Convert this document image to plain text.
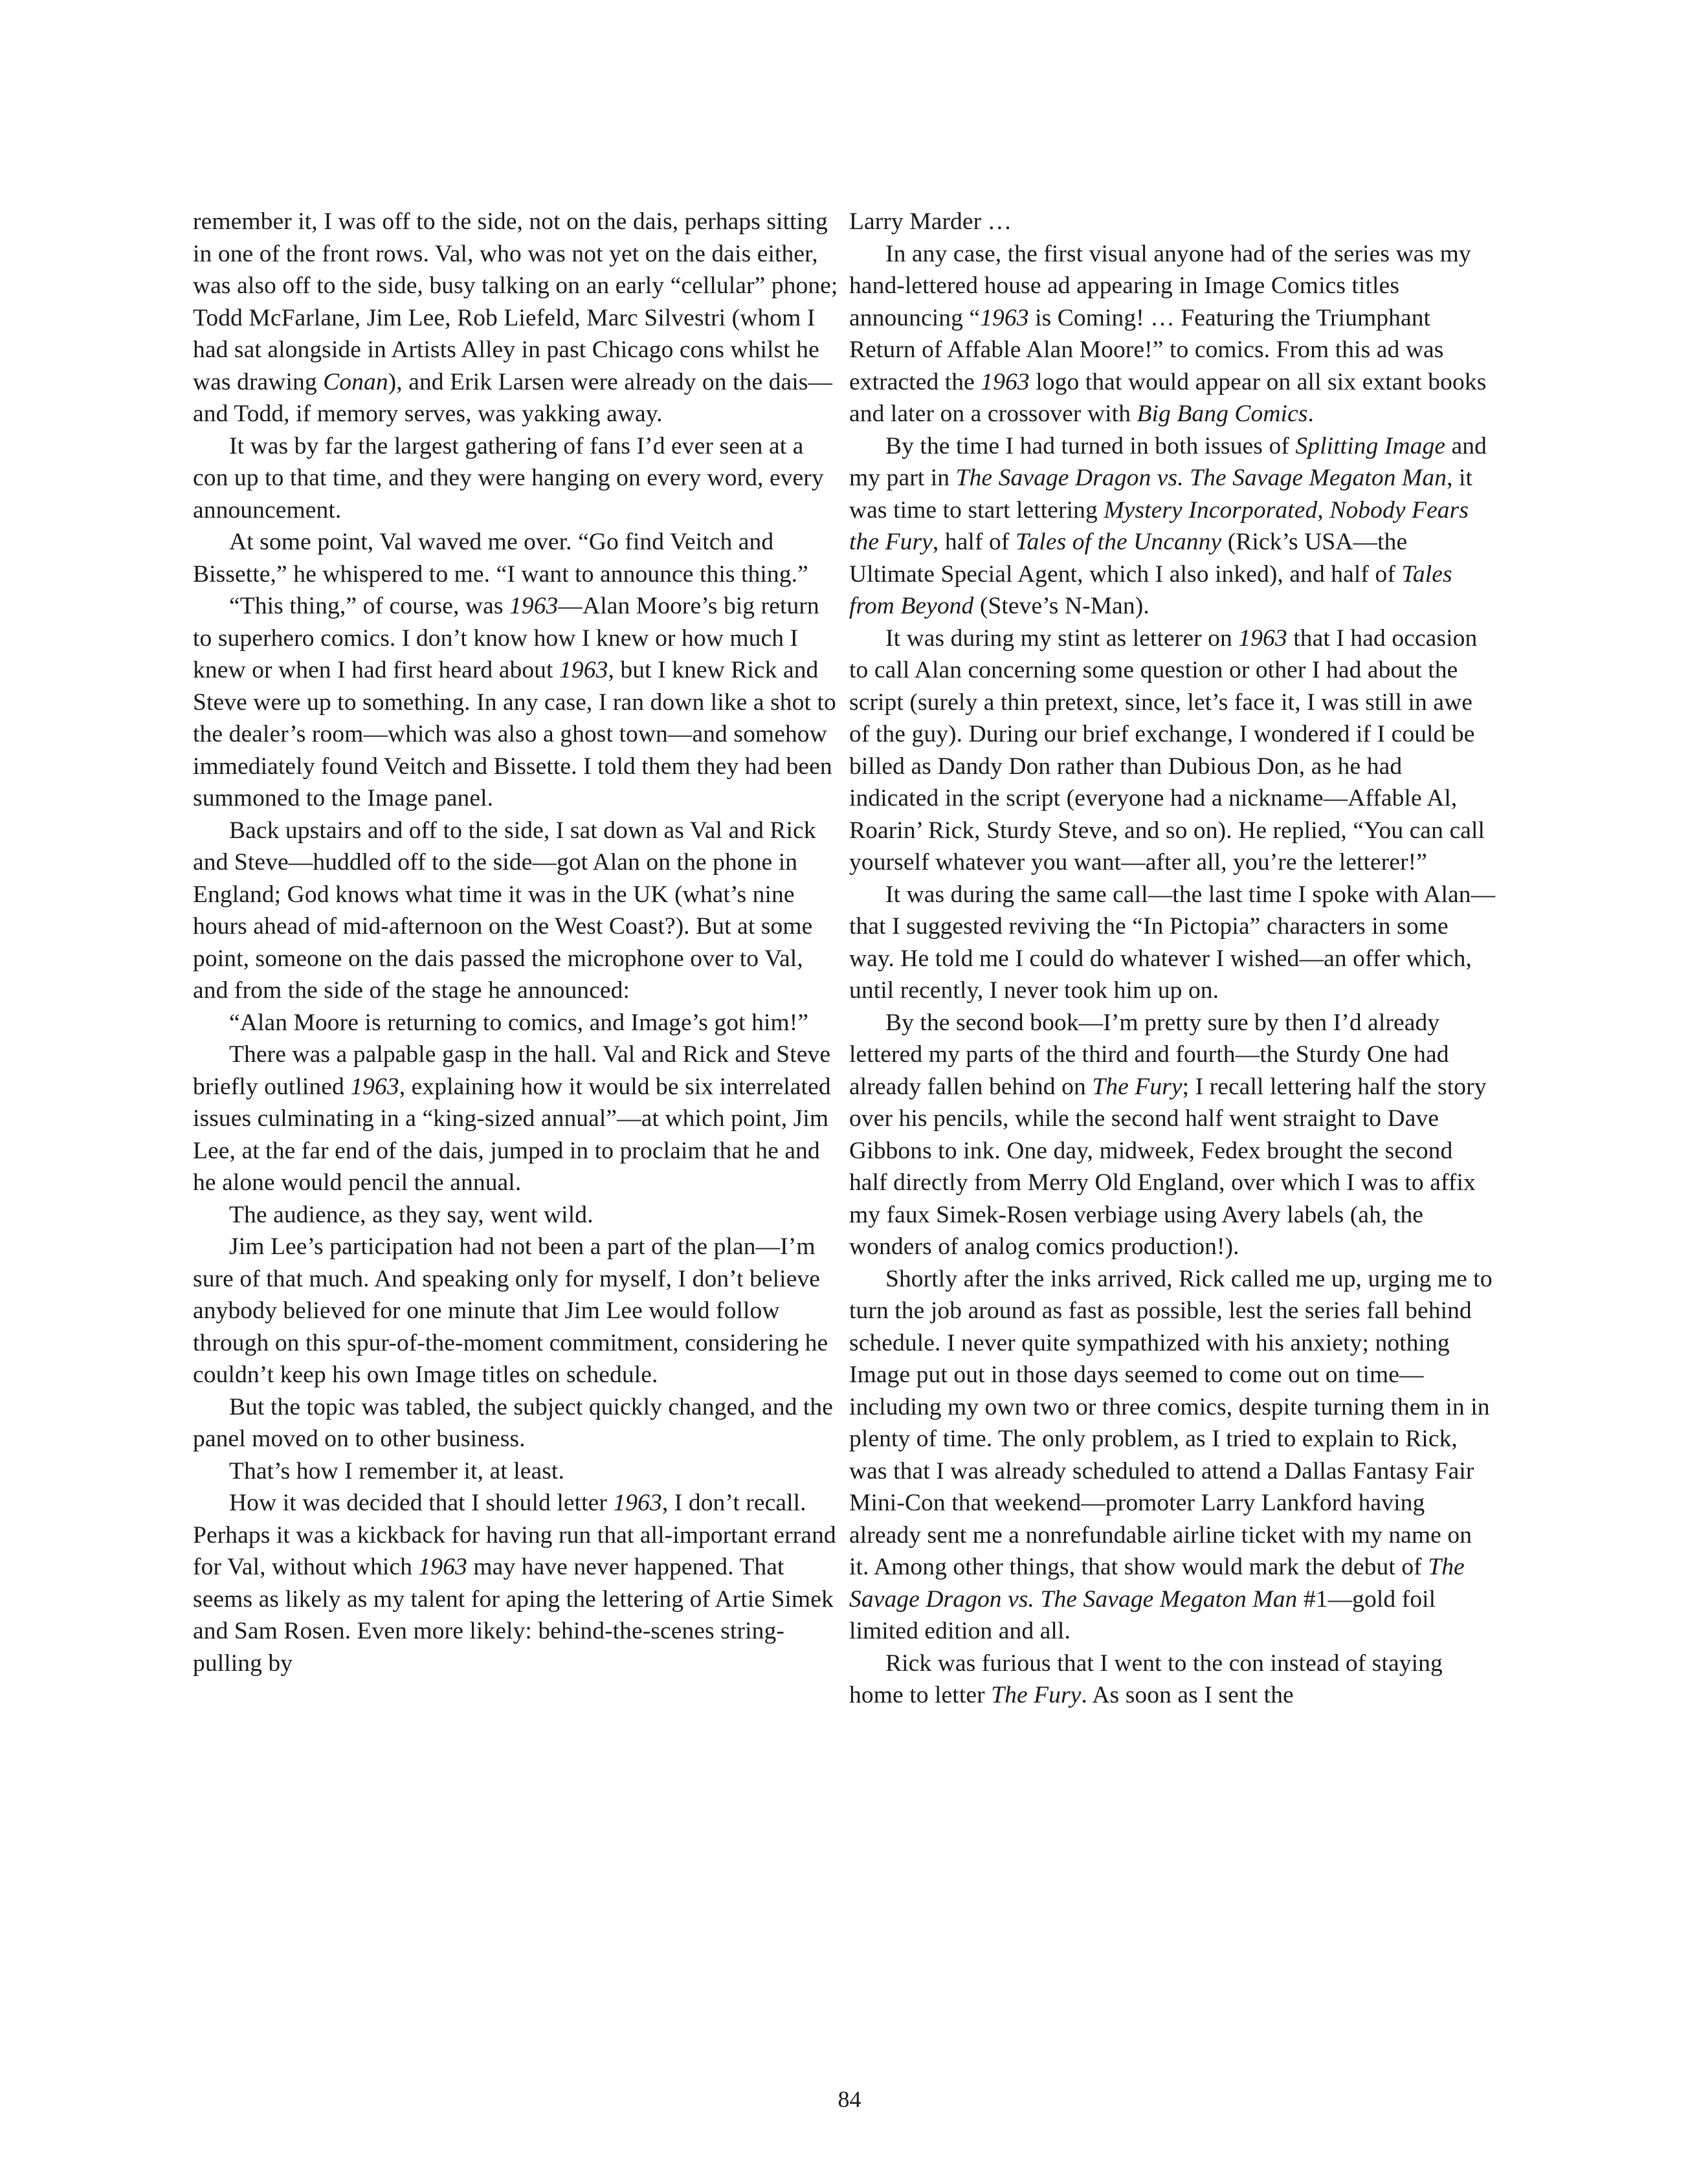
remember it, I was off to the side, not on the dais, perhaps sitting in one of the front rows. Val, who was not yet on the dais either, was also off to the side, busy talking on an early “cellular” phone; Todd McFarlane, Jim Lee, Rob Liefeld, Marc Silvestri (whom I had sat alongside in Artists Alley in past Chicago cons whilst he was drawing Conan), and Erik Larsen were already on the dais—and Todd, if memory serves, was yakking away.

It was by far the largest gathering of fans I’d ever seen at a con up to that time, and they were hanging on every word, every announcement.

At some point, Val waved me over. “Go find Veitch and Bissette,” he whispered to me. “I want to announce this thing.”

“This thing,” of course, was 1963—Alan Moore’s big return to superhero comics. I don’t know how I knew or how much I knew or when I had first heard about 1963, but I knew Rick and Steve were up to something. In any case, I ran down like a shot to the dealer’s room—which was also a ghost town—and somehow immediately found Veitch and Bissette. I told them they had been summoned to the Image panel.

Back upstairs and off to the side, I sat down as Val and Rick and Steve—huddled off to the side—got Alan on the phone in England; God knows what time it was in the UK (what’s nine hours ahead of mid-afternoon on the West Coast?). But at some point, someone on the dais passed the microphone over to Val, and from the side of the stage he announced:

“Alan Moore is returning to comics, and Image’s got him!”

There was a palpable gasp in the hall. Val and Rick and Steve briefly outlined 1963, explaining how it would be six interrelated issues culminating in a “king-sized annual”—at which point, Jim Lee, at the far end of the dais, jumped in to proclaim that he and he alone would pencil the annual.

The audience, as they say, went wild.

Jim Lee’s participation had not been a part of the plan—I’m sure of that much. And speaking only for myself, I don’t believe anybody believed for one minute that Jim Lee would follow through on this spur-of-the-moment commitment, considering he couldn’t keep his own Image titles on schedule.

But the topic was tabled, the subject quickly changed, and the panel moved on to other business.

That’s how I remember it, at least.

How it was decided that I should letter 1963, I don’t recall. Perhaps it was a kickback for having run that all-important errand for Val, without which 1963 may have never happened. That seems as likely as my talent for aping the lettering of Artie Simek and Sam Rosen. Even more likely: behind-the-scenes string-pulling by

Larry Marder …

In any case, the first visual anyone had of the series was my hand-lettered house ad appearing in Image Comics titles announcing “1963 is Coming! … Featuring the Triumphant Return of Affable Alan Moore!” to comics. From this ad was extracted the 1963 logo that would appear on all six extant books and later on a crossover with Big Bang Comics.

By the time I had turned in both issues of Splitting Image and my part in The Savage Dragon vs. The Savage Megaton Man, it was time to start lettering Mystery Incorporated, Nobody Fears the Fury, half of Tales of the Uncanny (Rick’s USA—the Ultimate Special Agent, which I also inked), and half of Tales from Beyond (Steve’s N-Man).

It was during my stint as letterer on 1963 that I had occasion to call Alan concerning some question or other I had about the script (surely a thin pretext, since, let’s face it, I was still in awe of the guy). During our brief exchange, I wondered if I could be billed as Dandy Don rather than Dubious Don, as he had indicated in the script (everyone had a nickname—Affable Al, Roarin’ Rick, Sturdy Steve, and so on). He replied, “You can call yourself whatever you want—after all, you’re the letterer!”

It was during the same call—the last time I spoke with Alan—that I suggested reviving the “In Pictopia” characters in some way. He told me I could do whatever I wished—an offer which, until recently, I never took him up on.

By the second book—I’m pretty sure by then I’d already lettered my parts of the third and fourth—the Sturdy One had already fallen behind on The Fury; I recall lettering half the story over his pencils, while the second half went straight to Dave Gibbons to ink. One day, midweek, Fedex brought the second half directly from Merry Old England, over which I was to affix my faux Simek-Rosen verbiage using Avery labels (ah, the wonders of analog comics production!).

Shortly after the inks arrived, Rick called me up, urging me to turn the job around as fast as possible, lest the series fall behind schedule. I never quite sympathized with his anxiety; nothing Image put out in those days seemed to come out on time—including my own two or three comics, despite turning them in in plenty of time. The only problem, as I tried to explain to Rick, was that I was already scheduled to attend a Dallas Fantasy Fair Mini-Con that weekend—promoter Larry Lankford having already sent me a nonrefundable airline ticket with my name on it. Among other things, that show would mark the debut of The Savage Dragon vs. The Savage Megaton Man #1—gold foil limited edition and all.

Rick was furious that I went to the con instead of staying home to letter The Fury. As soon as I sent the

84
